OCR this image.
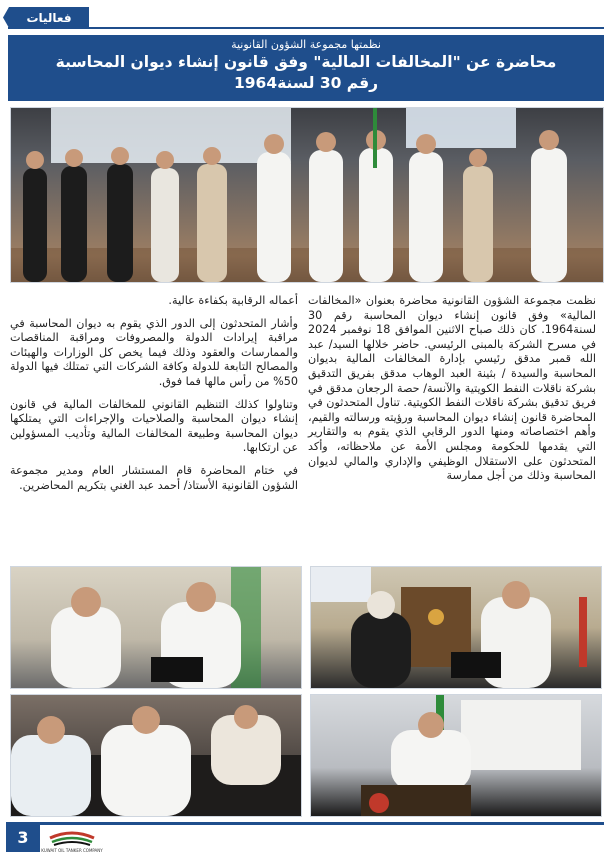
فعاليات
نظمتها مجموعة الشؤون القانونية
محاضرة عن "المخالفات المالية" وفق قانون إنشاء ديوان المحاسبة
رقم 30 لسنة1964

نظمت مجموعة الشؤون القانونية محاضرة بعنوان «المخالفات المالية» وفق قانون إنشاء ديوان المحاسبة رقم 30 لسنة1964. كان ذلك صباح الاثنين الموافق 18 نوفمبر 2024 في مسرح الشركة بالمبنى الرئيسي. حاضر خلالها السيد/ عبد الله قمبر مدقق رئيسي بإدارة المخالفات المالية بديوان المحاسبة والسيدة / بثينة العبد الوهاب مدقق بفريق التدقيق بشركة ناقلات النفط الكويتية والآنسة/ حصة الرجعان مدقق في فريق تدقيق بشركة ناقلات النفط الكويتية. تناول المتحدثون في المحاضرة قانون إنشاء ديوان المحاسبة ورؤيته ورسالته والقيم، وأهم اختصاصاته ومنها الدور الرقابي الذي يقوم به والتقارير التي يقدمها للحكومة ومجلس الأمة عن ملاحظاته، وأكد المتحدثون على الاستقلال الوظيفي والإداري والمالي لديوان المحاسبة وذلك من أجل ممارسة

أعماله الرقابية بكفاءة عالية.

وأشار المتحدثون إلى الدور الذي يقوم به ديوان المحاسبة في مراقبة إيرادات الدولة والمصروفات ومراقبة المناقصات والممارسات والعقود وذلك فيما يخص كل الوزارات والهيئات والمصالح التابعة للدولة وكافة الشركات التي تمتلك فيها الدولة 50% من رأس مالها فما فوق.

وتناولوا كذلك التنظيم القانوني للمخالفات المالية في قانون إنشاء ديوان المحاسبة والصلاحيات والإجراءات التي يمتلكها ديوان المحاسبة وطبيعة المخالفات المالية وتأديب المسؤولين عن ارتكابها.

في ختام المحاضرة قام المستشار العام ومدير مجموعة الشؤون القانونية الأستاذ/ أحمد عبد الغني بتكريم المحاضرين.

3
KUWAIT OIL TANKER COMPANY
